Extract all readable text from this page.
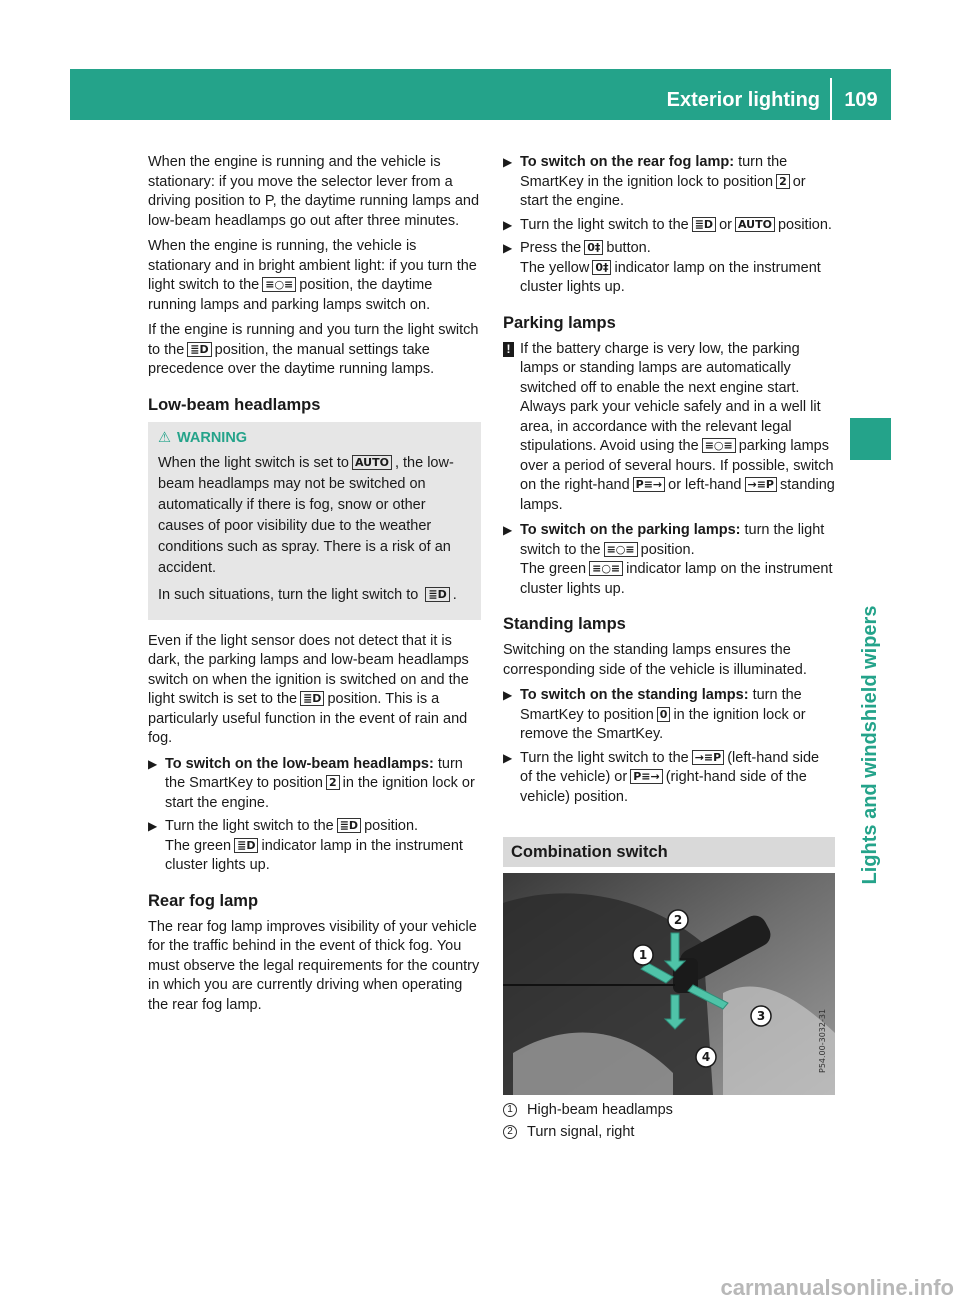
Exterior lighting	109
Lights and windshield wipers

When the engine is running and the vehicle is stationary: if you move the selector lever from a driving position to P, the daytime running lamps and low-beam headlamps go out after three minutes.

When the engine is running, the vehicle is stationary and in bright ambient light: if you turn the light switch to the ≡○≡ position, the daytime running lamps and parking lamps switch on.

If the engine is running and you turn the light switch to the ≣D position, the manual settings take precedence over the daytime running lamps.

Low-beam headlamps
⚠ WARNING

When the light switch is set to AUTO , the low-beam headlamps may not be switched on automatically if there is fog, snow or other causes of poor visibility due to the weather conditions such as spray. There is a risk of an accident.

In such situations, turn the light switch to ≣D .

Even if the light sensor does not detect that it is dark, the parking lamps and low-beam headlamps switch on when the ignition is switched on and the light switch is set to the ≣D position. This is a particularly useful function in the event of rain and fog.

▶ To switch on the low-beam headlamps: turn the SmartKey to position 2 in the ignition lock or start the engine.
▶ Turn the light switch to the ≣D position.
The green ≣D indicator lamp in the instrument cluster lights up.
Rear fog lamp

The rear fog lamp improves visibility of your vehicle for the traffic behind in the event of thick fog. You must observe the legal requirements for the country in which you are currently driving when operating the rear fog lamp.

▶ To switch on the rear fog lamp: turn the SmartKey in the ignition lock to position 2 or start the engine.
▶ Turn the light switch to the ≣D or AUTO position.
▶ Press the 0‡ button.
The yellow 0‡ indicator lamp on the instrument cluster lights up.
Parking lamps
! If the battery charge is very low, the parking lamps or standing lamps are automatically switched off to enable the next engine start. Always park your vehicle safely and in a well lit area, in accordance with the relevant legal stipulations. Avoid using the ≡○≡ parking lamps over a period of several hours. If possible, switch on the right-hand P≡→ or left-hand →≡P standing lamps.
▶ To switch on the parking lamps: turn the light switch to the ≡○≡ position.
The green ≡○≡ indicator lamp on the instrument cluster lights up.
Standing lamps

Switching on the standing lamps ensures the corresponding side of the vehicle is illuminated.

▶ To switch on the standing lamps: turn the SmartKey to position 0 in the ignition lock or remove the SmartKey.
▶ Turn the light switch to the →≡P (left-hand side of the vehicle) or P≡→ (right-hand side of the vehicle) position.
Combination switch
1
2
3
4	P54.00-3032-31
1 High-beam headlamps
2 Turn signal, right
carmanualsonline.info
